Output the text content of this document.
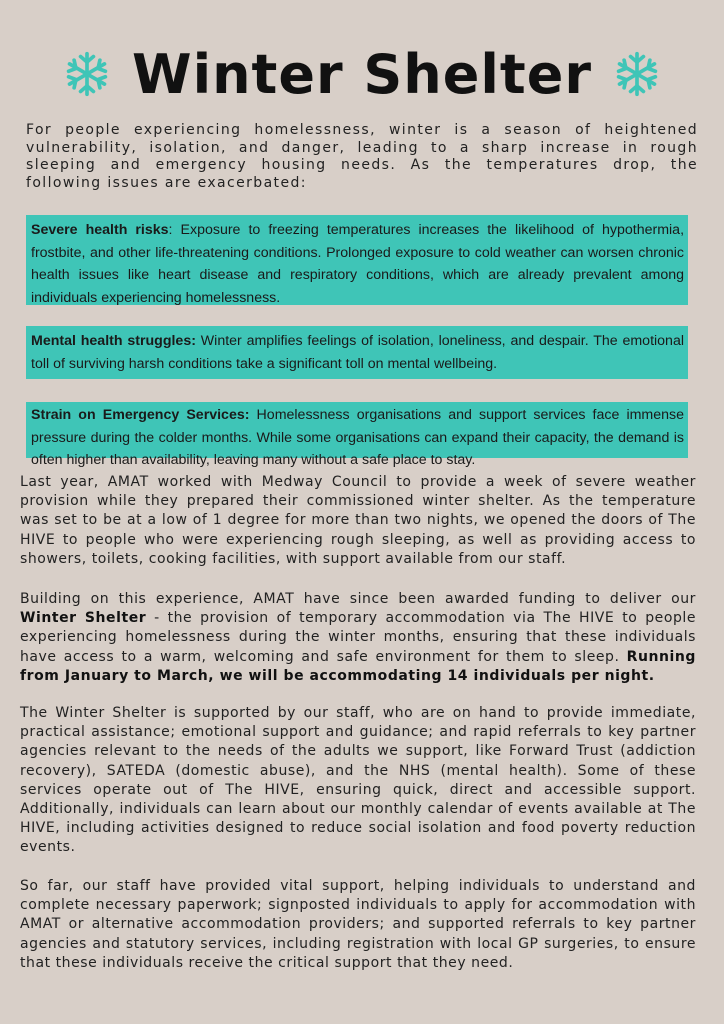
Winter Shelter

For people experiencing homelessness, winter is a season of heightened vulnerability, isolation, and danger, leading to a sharp increase in rough sleeping and emergency housing needs. As the temperatures drop, the following issues are exacerbated:

Severe health risks: Exposure to freezing temperatures increases the likelihood of hypothermia, frostbite, and other life-threatening conditions. Prolonged exposure to cold weather can worsen chronic health issues like heart disease and respiratory conditions, which are already prevalent among individuals experiencing homelessness.
Mental health struggles: Winter amplifies feelings of isolation, loneliness, and despair. The emotional toll of surviving harsh conditions take a significant toll on mental wellbeing.
Strain on Emergency Services: Homelessness organisations and support services face immense pressure during the colder months. While some organisations can expand their capacity, the demand is often higher than availability, leaving many without a safe place to stay.

Last year, AMAT worked with Medway Council to provide a week of severe weather provision while they prepared their commissioned winter shelter. As the temperature was set to be at a low of 1 degree for more than two nights, we opened the doors of The HIVE to people who were experiencing rough sleeping, as well as providing access to showers, toilets, cooking facilities, with support available from our staff.

Building on this experience, AMAT have since been awarded funding to deliver our Winter Shelter - the provision of temporary accommodation via The HIVE to people experiencing homelessness during the winter months, ensuring that these individuals have access to a warm, welcoming and safe environment for them to sleep. Running from January to March, we will be accommodating 14 individuals per night.

The Winter Shelter is supported by our staff, who are on hand to provide immediate, practical assistance; emotional support and guidance; and rapid referrals to key partner agencies relevant to the needs of the adults we support, like Forward Trust (addiction recovery), SATEDA (domestic abuse), and the NHS (mental health). Some of these services operate out of The HIVE, ensuring quick, direct and accessible support. Additionally, individuals can learn about our monthly calendar of events available at The HIVE, including activities designed to reduce social isolation and food poverty reduction events.

So far, our staff have provided vital support, helping individuals to understand and complete necessary paperwork; signposted individuals to apply for accommodation with AMAT or alternative accommodation providers; and supported referrals to key partner agencies and statutory services, including registration with local GP surgeries, to ensure that these individuals receive the critical support that they need.
